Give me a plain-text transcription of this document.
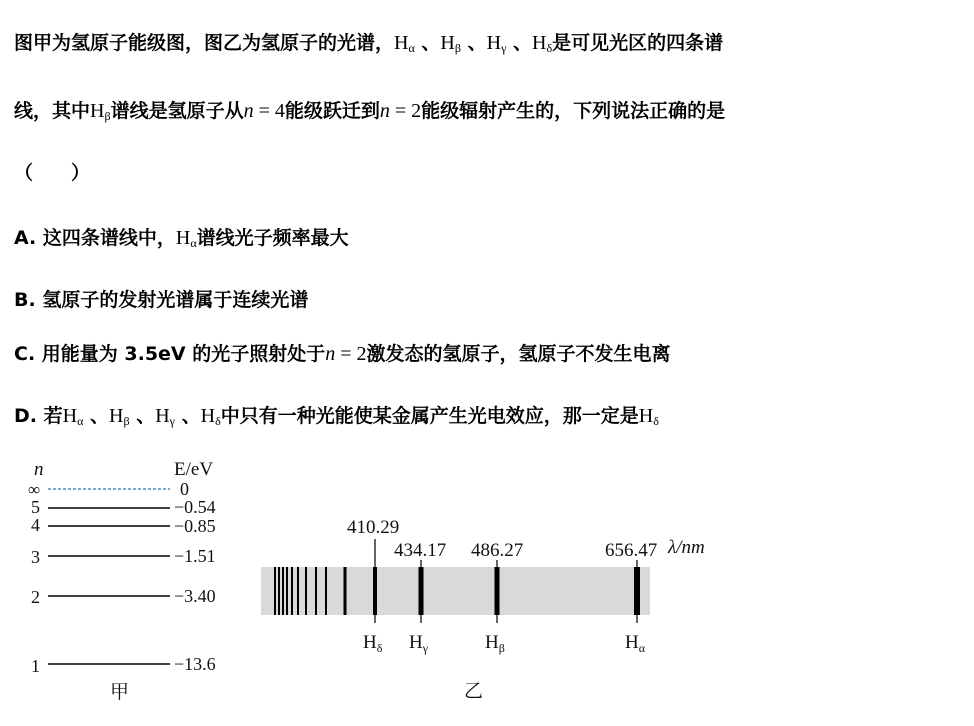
图甲为氢原子能级图，图乙为氢原子的光谱，$H_\alpha$ 、$H_\beta$ 、$H_\gamma$ 、$H_\delta$是可见光区的四条谱
线，其中$H_\beta$谱线是氢原子从n = 4能级跃迁到n = 2能级辐射产生的，下列说法正确的是
（　　）
A. 这四条谱线中，$H_\alpha$谱线光子频率最大
B. 氢原子的发射光谱属于连续光谱
C. 用能量为 3.5eV 的光子照射处于n = 2激发态的氢原子，氢原子不发生电离
D. 若$H_\alpha$ 、$H_\beta$ 、$H_\gamma$ 、$H_\delta$中只有一种光能使某金属产生光电效应，那一定是$H_\delta$
n	E/eV
∞	0
5	−0.54
4	−0.85
3	−1.51
2	−3.40
1	−13.6
甲
410.29
$H_\delta$
434.17
$H_\gamma$
486.27
$H_\beta$
656.47 λ/nm
$H_\alpha$
乙
